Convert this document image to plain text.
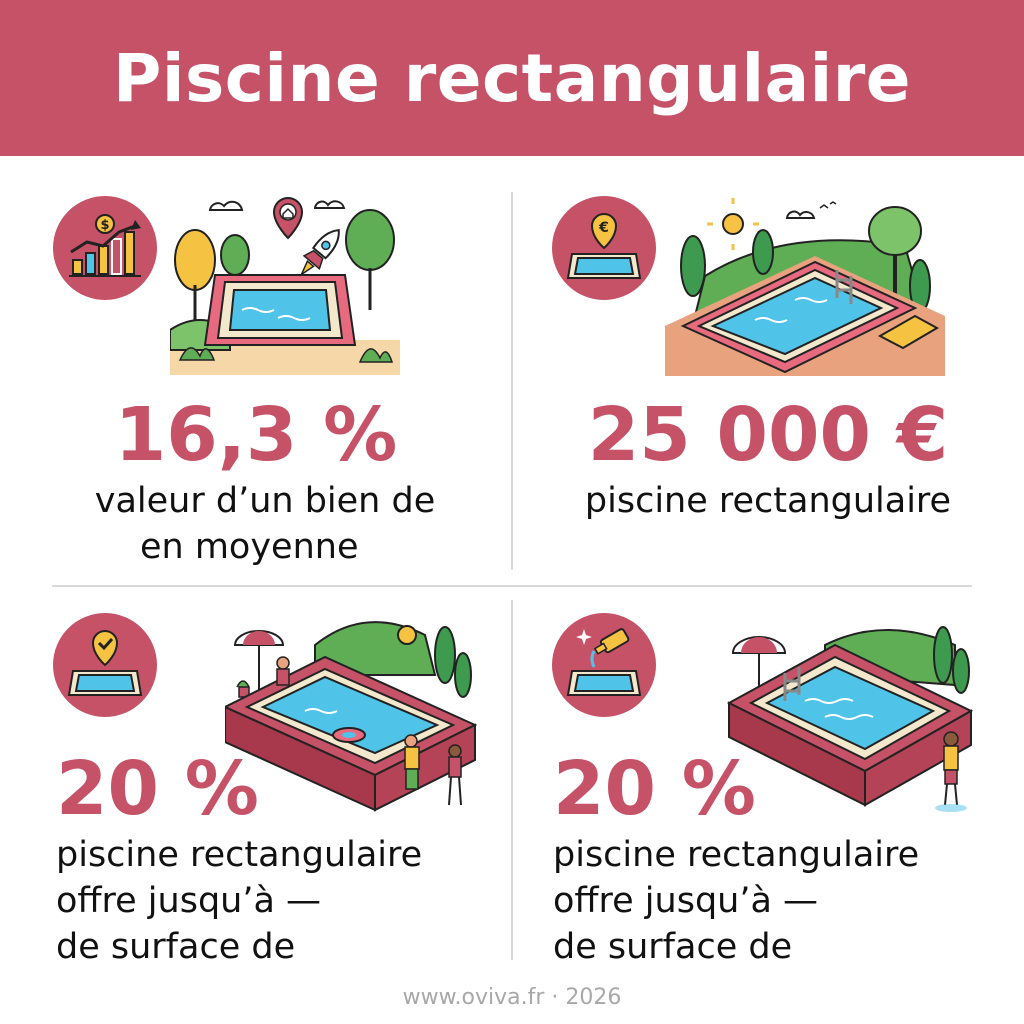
Piscine rectangulaire
$
16,3 %
valeur d’un bien de
en moyenne
€
25 000 €
piscine rectangulaire
20 %
piscine rectangulaire
offre jusqu’à —
de surface de
20 %
piscine rectangulaire
offre jusqu’à —
de surface de
www.oviva.fr · 2026
